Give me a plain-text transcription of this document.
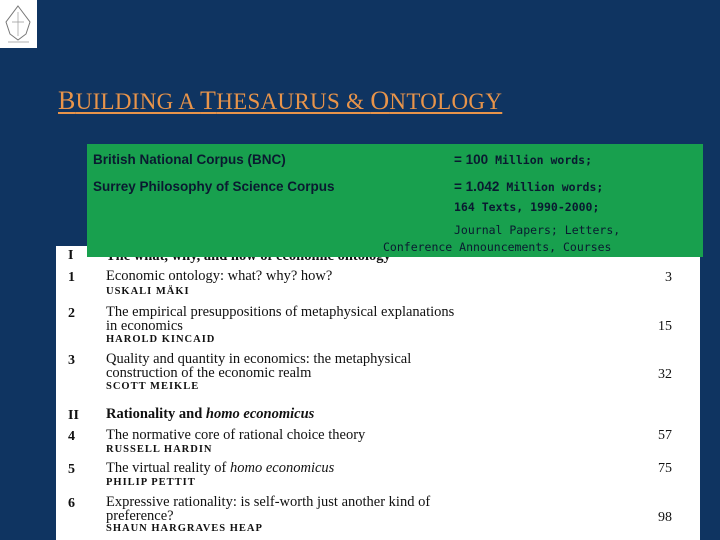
BUILDING A THESAURUS & ONTOLOGY
I
1 Economic ontology: what? why? how?
USKALI MÄKI
3
2 The empirical presuppositions of metaphysical explanations
in economics
HAROLD KINCAID
15
3 Quality and quantity in economics: the metaphysical
construction of the economic realm
SCOTT MEIKLE
32
II Rationality and homo economicus
4 The normative core of rational choice theory
RUSSELL HARDIN
57
5 The virtual reality of homo economicus
PHILIP PETTIT
75
6 Expressive rationality: is self-worth just another kind of
preference?
SHAUN HARGRAVES HEAP
98
British National Corpus (BNC)	= 100 Million words;
Surrey Philosophy of Science Corpus	= 1.042 Million words;
164 Texts, 1990-2000;
Journal Papers; Letters,
Conference Announcements, Courses
